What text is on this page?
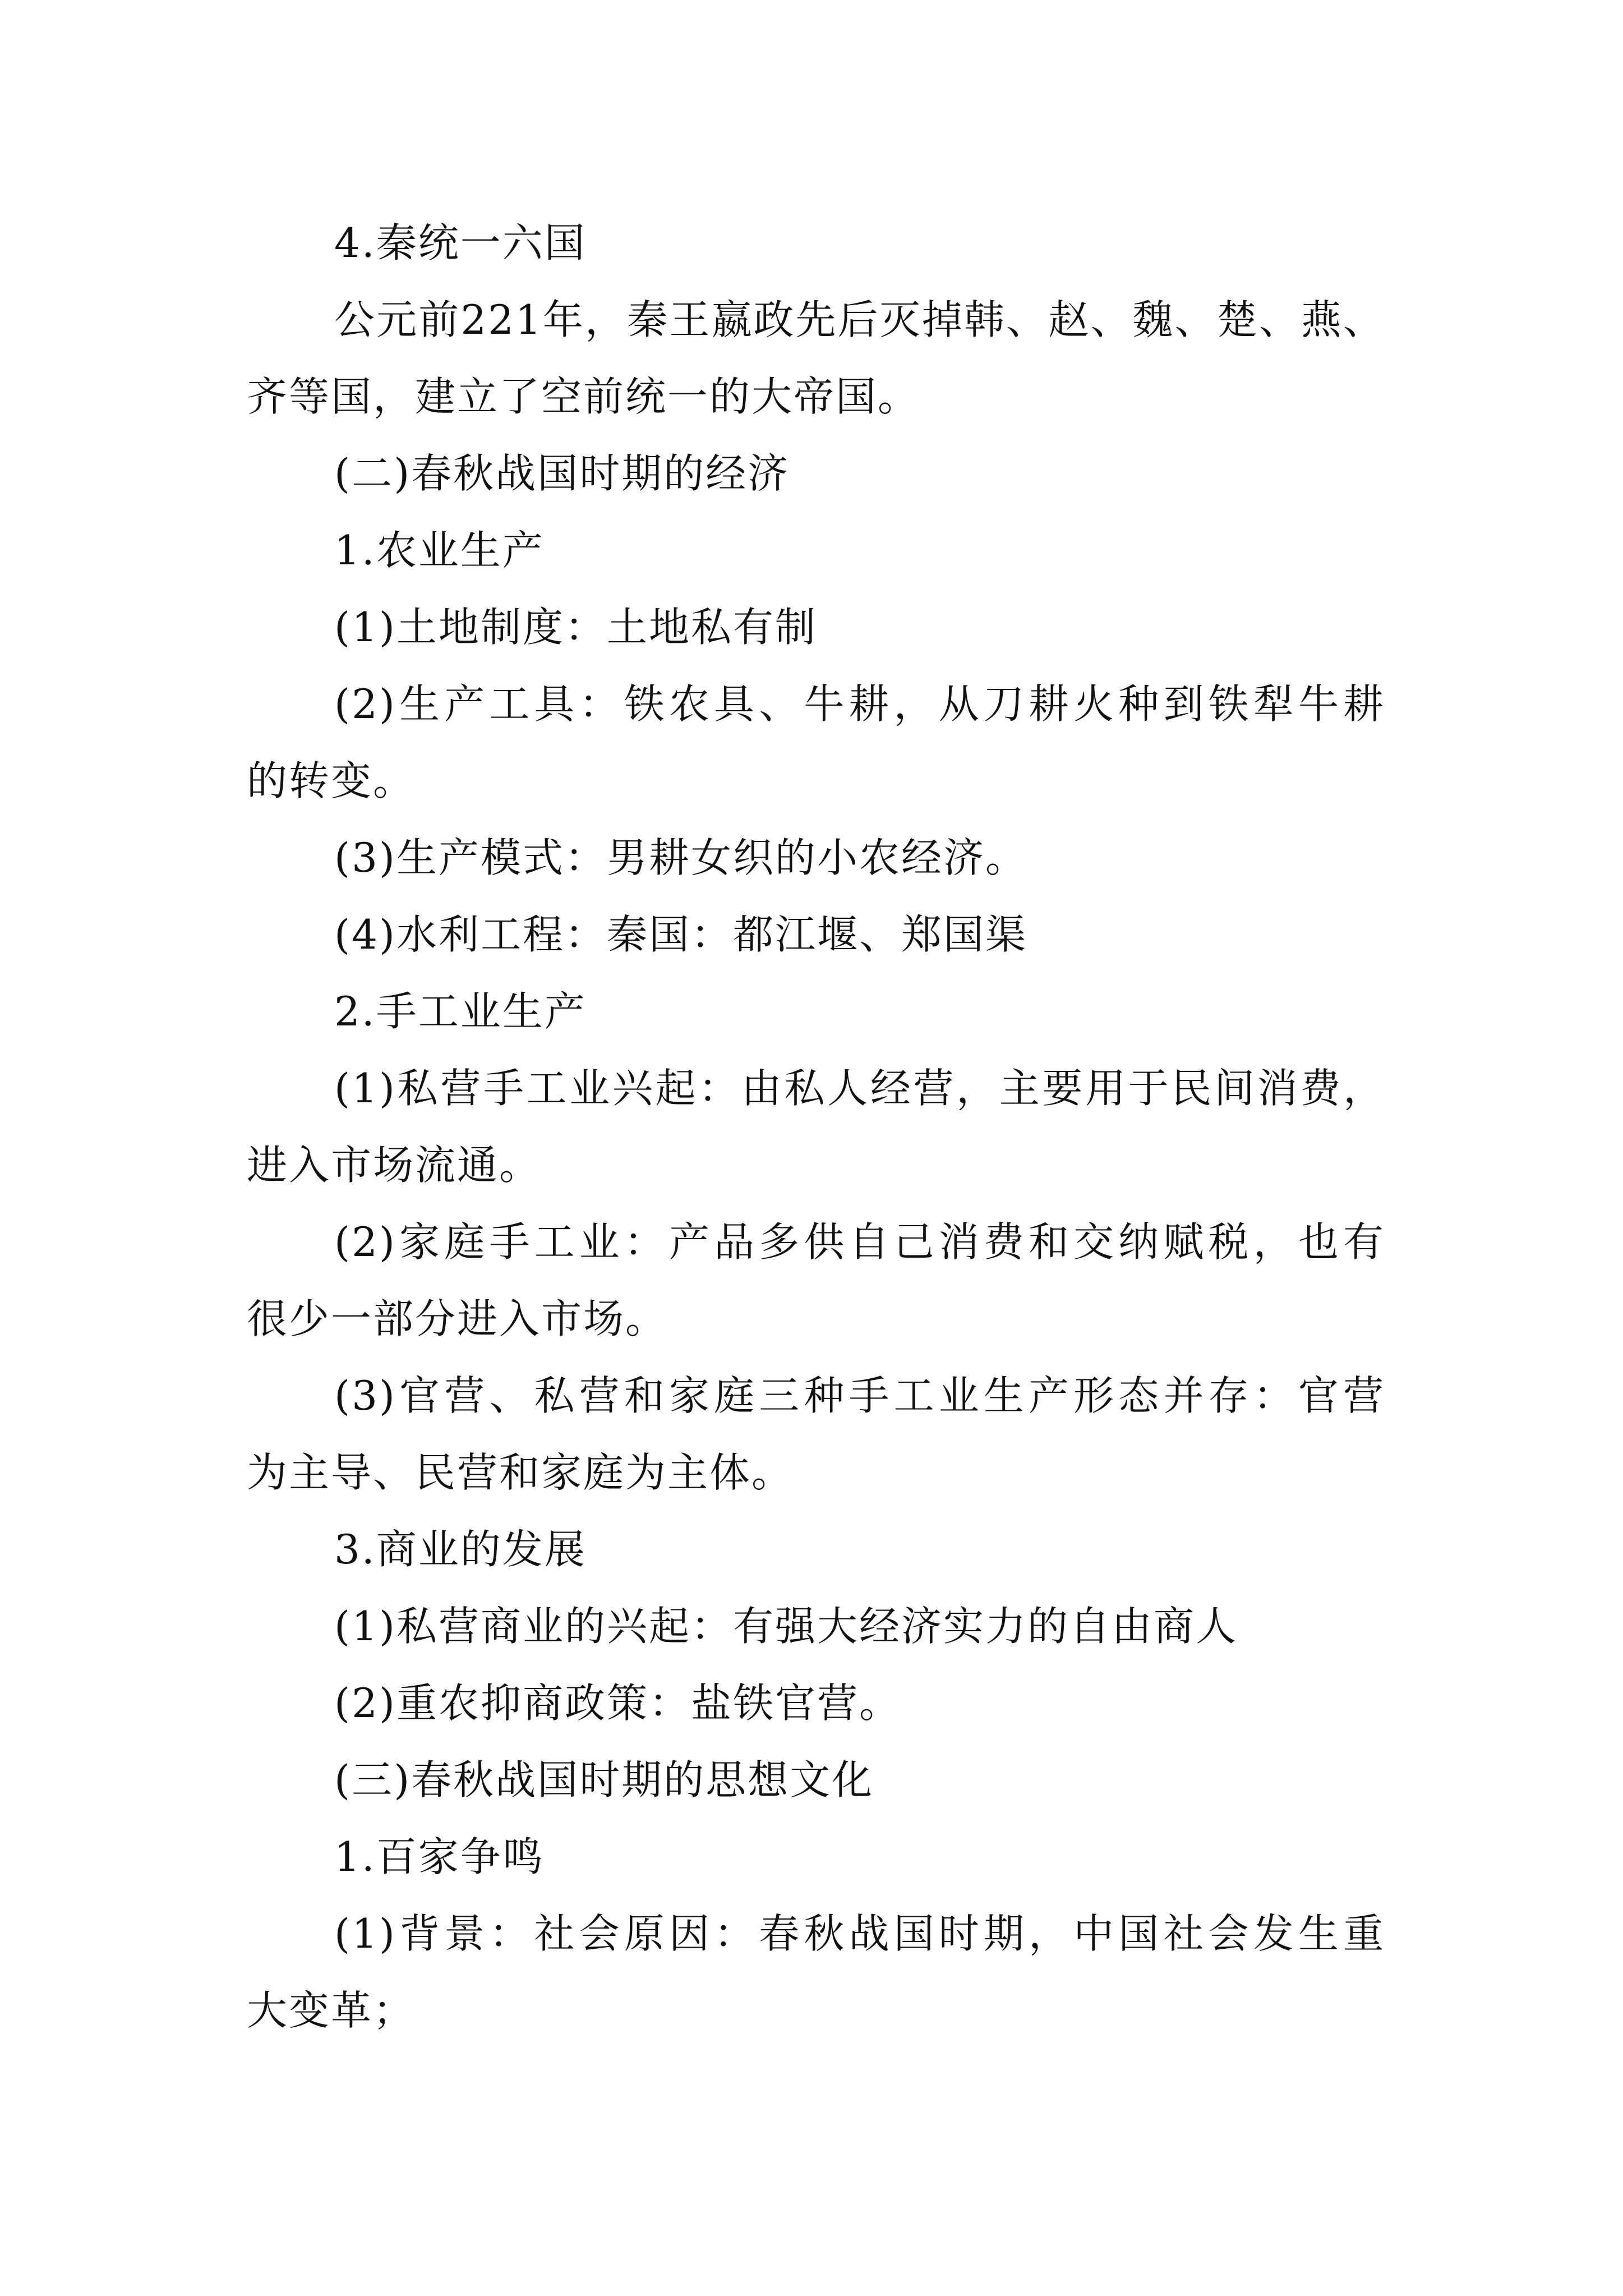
4.秦统一六国
公元前221年，秦王嬴政先后灭掉韩、赵、魏、楚、燕、
齐等国，建立了空前统一的大帝国。
(二)春秋战国时期的经济
1.农业生产
(1)土地制度：土地私有制
(2)生产工具：铁农具、牛耕，从刀耕火种到铁犁牛耕
的转变。
(3)生产模式：男耕女织的小农经济。
(4)水利工程：秦国：都江堰、郑国渠
2.手工业生产
(1)私营手工业兴起：由私人经营，主要用于民间消费，
进入市场流通。
(2)家庭手工业：产品多供自己消费和交纳赋税，也有
很少一部分进入市场。
(3)官营、私营和家庭三种手工业生产形态并存：官营
为主导、民营和家庭为主体。
3.商业的发展
(1)私营商业的兴起：有强大经济实力的自由商人
(2)重农抑商政策：盐铁官营。
(三)春秋战国时期的思想文化
1.百家争鸣
(1)背景：社会原因：春秋战国时期，中国社会发生重
大变革；
